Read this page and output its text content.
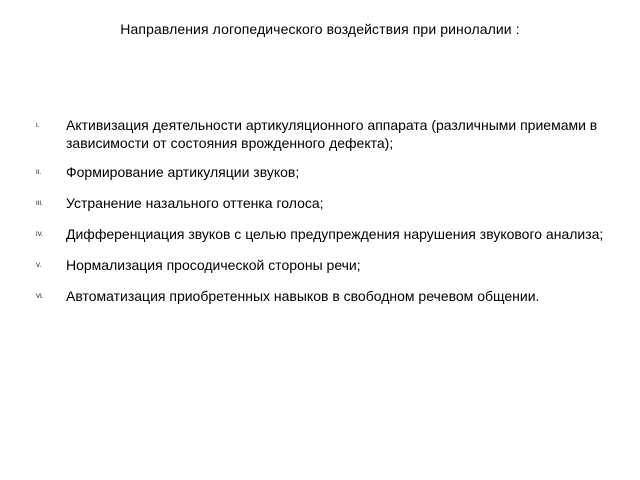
Направления логопедического воздействия при ринолалии :
I.	Активизация деятельности артикуляционного аппарата (различными приемами в зависимости от состояния врожденного дефекта);
II.	Формирование артикуляции звуков;
III.	Устранение назального оттенка голоса;
IV.	Дифференциация звуков с целью предупреждения нарушения звукового анализа;
V.	Нормализация просодической стороны речи;
VI.	Автоматизация приобретенных навыков в свободном речевом общении.
